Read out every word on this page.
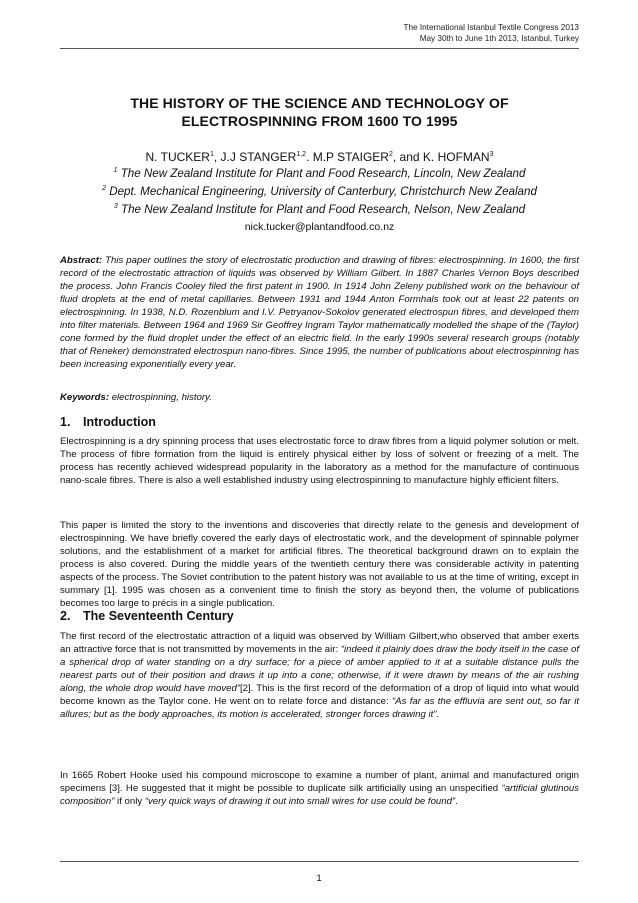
The International Istanbul Textile Congress 2013
May 30th to June 1th 2013, Istanbul, Turkey
THE HISTORY OF THE SCIENCE AND TECHNOLOGY OF
ELECTROSPINNING FROM 1600 TO 1995
N. TUCKER$^1$, J.J STANGER$^{1,2}$. M.P STAIGER$^2$, and K. HOFMAN$^3$
$^1$ The New Zealand Institute for Plant and Food Research, Lincoln, New Zealand
$^2$ Dept. Mechanical Engineering, University of Canterbury, Christchurch New Zealand
$^3$ The New Zealand Institute for Plant and Food Research, Nelson, New Zealand
nick.tucker@plantandfood.co.nz
Abstract: This paper outlines the story of electrostatic production and drawing of fibres: electrospinning. In 1600, the first record of the electrostatic attraction of liquids was observed by William Gilbert. In 1887 Charles Vernon Boys described the process. John Francis Cooley filed the first patent in 1900. In 1914 John Zeleny published work on the behaviour of fluid droplets at the end of metal capillaries. Between 1931 and 1944 Anton Formhals took out at least 22 patents on electrospinning. In 1938, N.D. Rozenblum and I.V. Petryanov-Sokolov generated electrospun fibres, and developed them into filter materials. Between 1964 and 1969 Sir Geoffrey Ingram Taylor mathematically modelled the shape of the (Taylor) cone formed by the fluid droplet under the effect of an electric field. In the early 1990s several research groups (notably that of Reneker) demonstrated electrospun nano-fibres. Since 1995, the number of publications about electrospinning has been increasing exponentially every year.
Keywords: electrospinning, history.
1. Introduction
Electrospinning is a dry spinning process that uses electrostatic force to draw fibres from a liquid polymer solution or melt. The process of fibre formation from the liquid is entirely physical either by loss of solvent or freezing of a melt. The process has recently achieved widespread popularity in the laboratory as a method for the manufacture of continuous nano-scale fibres. There is also a well established industry using electrospinning to manufacture highly efficient filters.
This paper is limited the story to the inventions and discoveries that directly relate to the genesis and development of electrospinning. We have briefly covered the early days of electrostatic work, and the development of spinnable polymer solutions, and the establishment of a market for artificial fibres. The theoretical background drawn on to explain the process is also covered. During the middle years of the twentieth century there was considerable activity in patenting aspects of the process. The Soviet contribution to the patent history was not available to us at the time of writing, except in summary [1]. 1995 was chosen as a convenient time to finish the story as beyond then, the volume of publications becomes too large to précis in a single publication.
2. The Seventeenth Century
The first record of the electrostatic attraction of a liquid was observed by William Gilbert,who observed that amber exerts an attractive force that is not transmitted by movements in the air: “indeed it plainly does draw the body itself in the case of a spherical drop of water standing on a dry surface; for a piece of amber applied to it at a suitable distance pulls the nearest parts out of their position and draws it up into a cone; otherwise, if it were drawn by means of the air rushing along, the whole drop would have moved”[2]. This is the first record of the deformation of a drop of liquid into what would become known as the Taylor cone. He went on to relate force and distance: “As far as the effluvia are sent out, so far it allures; but as the body approaches, its motion is accelerated, stronger forces drawing it”.
In 1665 Robert Hooke used his compound microscope to examine a number of plant, animal and manufactured origin specimens [3]. He suggested that it might be possible to duplicate silk artificially using an unspecified “artificial glutinous composition” if only “very quick ways of drawing it out into small wires for use could be found”.
1
